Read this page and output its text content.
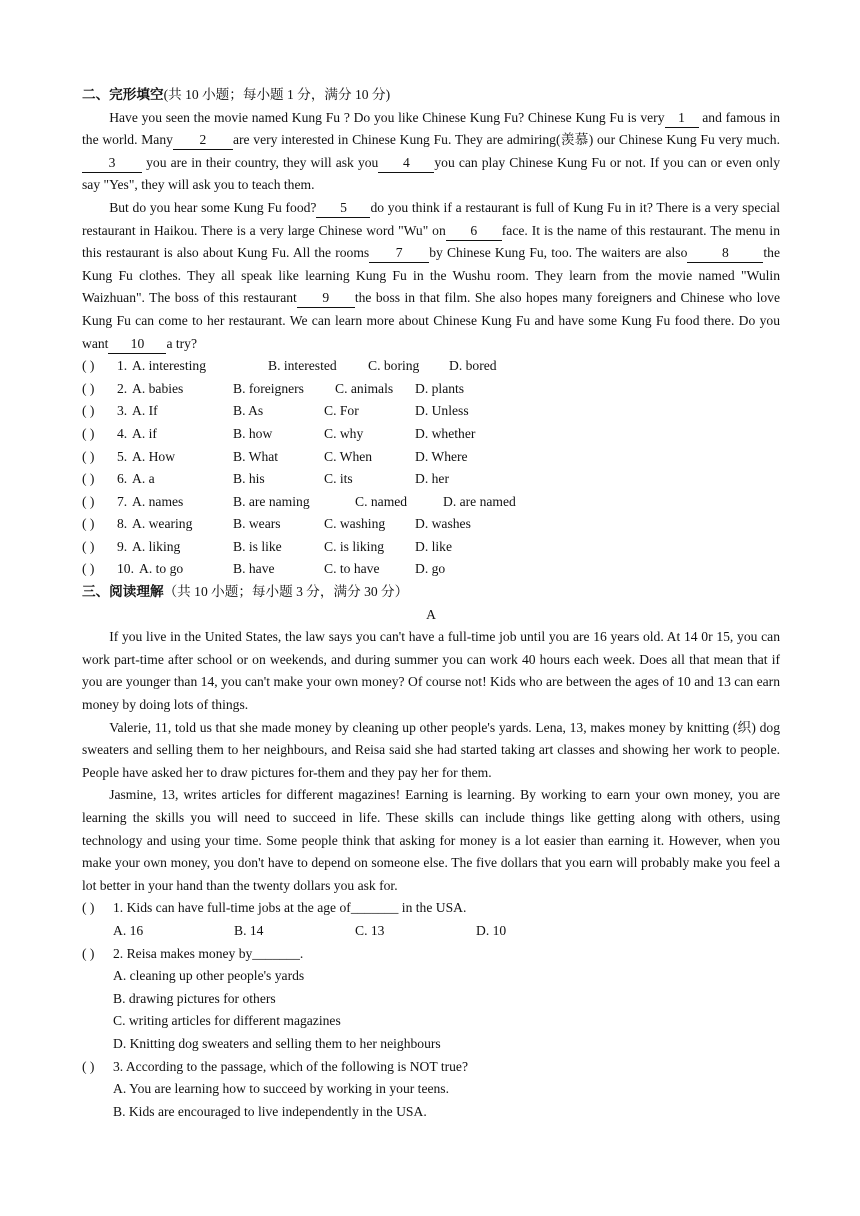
二、完形填空(共 10 小题；每小题 1 分，满分 10 分)

Have you seen the movie named Kung Fu ? Do you like Chinese Kung Fu? Chinese Kung Fu is very 1 and famous in the world. Many 2 are very interested in Chinese Kung Fu. They are admiring(羡慕) our Chinese Kung Fu very much.3 you are in their country, they will ask you 4 you can play Chinese Kung Fu or not. If you can or even only say "Yes", they will ask you to teach them.

But do you hear some Kung Fu food? 5 do you think if a restaurant is full of Kung Fu in it? There is a very special restaurant in Haikou. There is a very large Chinese word "Wu" on 6 face. It is the name of this restaurant. The menu in this restaurant is also about Kung Fu. All the rooms 7 by Chinese Kung Fu, too. The waiters are also	8	the Kung Fu clothes. They all speak like learning Kung Fu in the Wushu room. They learn from the movie named "Wulin Waizhuan". The boss of this restaurant 9 the boss in that film. She also hopes many foreigners and Chinese who love Kung Fu can come to her restaurant. We can learn more about Chinese Kung Fu and have some Kung Fu food there. Do you want 10 a try?

( )	1. A. interesting	B. interested	C. boring	D. bored
( )	2. A. babies	B. foreigners	C. animals	D. plants
( )	3. A. If	B. As	C. For	D. Unless
( )	4. A. if	B. how	C. why	D. whether
( )	5. A. How	B. What	C. When	D. Where
( )	6. A. a	B. his	C. its	D. her
( )	7. A. names	B. are naming	C. named	D. are named
( )	8. A. wearing	B. wears	C. washing	D. washes
( )	9. A. liking	B. is like	C. is liking	D. like
( )	10. A. to go	B. have	C. to have	D. go

三、阅读理解（共 10 小题；每小题 3 分，满分 30 分）

A

If you live in the United States, the law says you can't have a full-time job until you are 16 years old. At 14 0r 15, you can work part-time after school or on weekends, and during summer you can work 40 hours each week. Does all that mean that if you are younger than 14, you can't make your own money? Of course not! Kids who are between the ages of 10 and 13 can earn money by doing lots of things.

Valerie, 11, told us that she made money by cleaning up other people's yards. Lena, 13, makes money by knitting (织) dog sweaters and selling them to her neighbours, and Reisa said she had started taking art classes and showing her work to people. People have asked her to draw pictures for-them and they pay her for them.

Jasmine, 13, writes articles for different magazines! Earning is learning. By working to earn your own money, you are learning the skills you will need to succeed in life. These skills can include things like getting along with others, using technology and using your time. Some people think that asking for money is a lot easier than earning it. However, when you make your own money, you don't have to depend on someone else. The five dollars that you earn will probably make you feel a lot better in your hand than the twenty dollars you ask for.

( )	1. Kids can have full-time jobs at the age of_______ in the USA.
A. 16	B. 14	C. 13	D. 10
( )	2. Reisa makes money by_______.

A. cleaning up other people's yards

B. drawing pictures for others

C. writing articles for different magazines

D. Knitting dog sweaters and selling them to her neighbours

( )	3. According to the passage, which of the following is NOT true?

A. You are learning how to succeed by working in your teens.

B. Kids are encouraged to live independently in the USA.
